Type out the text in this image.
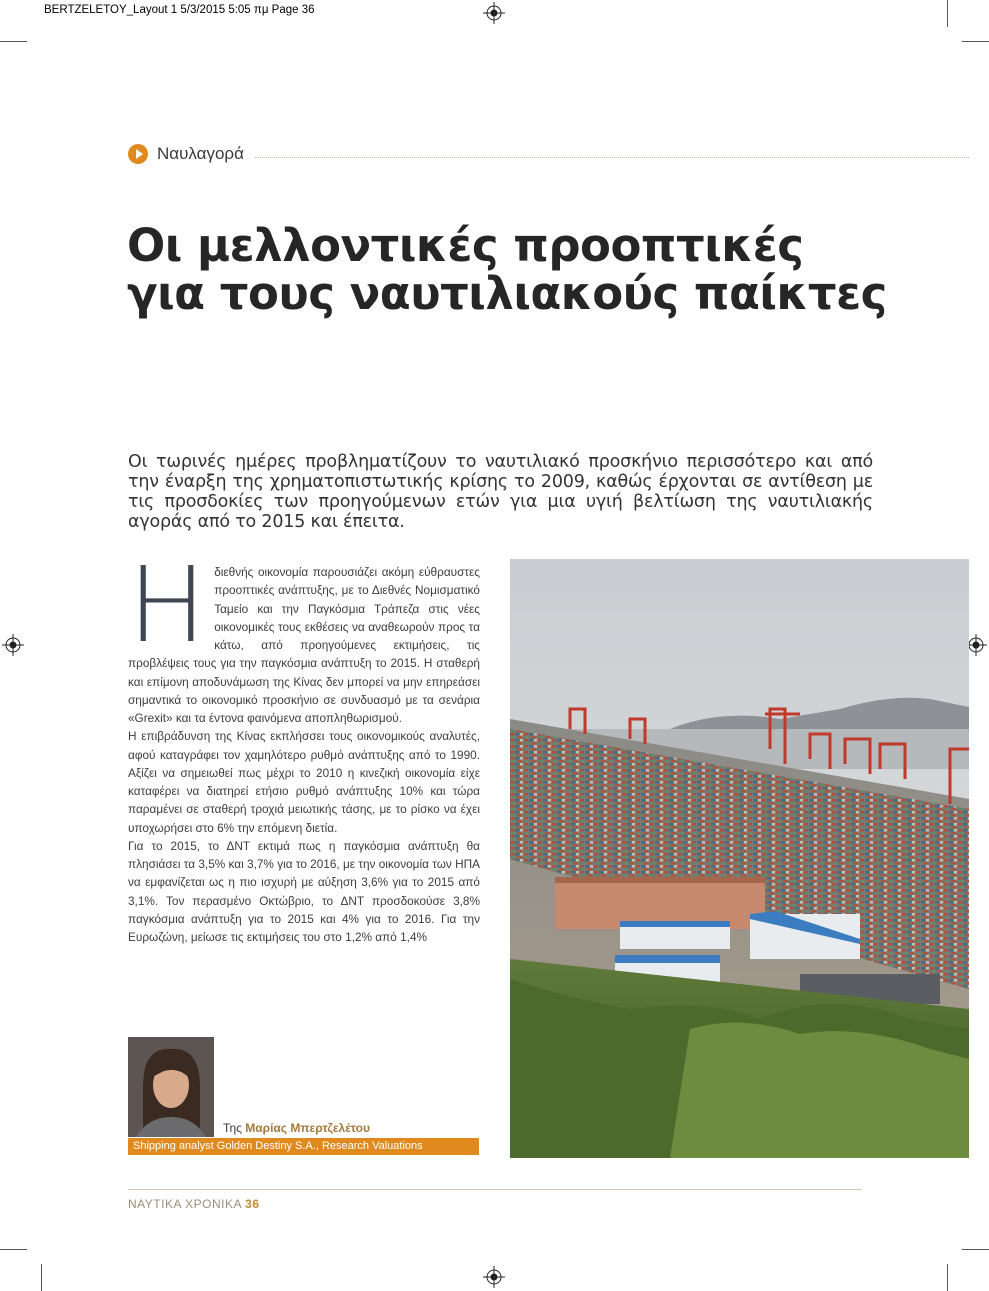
BERTZELETOY_Layout 1 5/3/2015 5:05 πμ Page 36
Ναυλαγορά
Οι μελλοντικές προοπτικές
για τους ναυτιλιακούς παίκτες
Οι τωρινές ημέρες προβληματίζουν το ναυτιλιακό προσκήνιο περισσότερο και από την έναρξη της χρηματοπιστωτικής κρίσης το 2009, καθώς έρχονται σε αντίθεση με τις προσδοκίες των προηγούμενων ετών για μια υγιή βελτίωση της ναυτιλιακής αγοράς από το 2015 και έπειτα.
Η διεθνής οικονομία παρουσιάζει ακόμη εύθραυστες προοπτικές ανάπτυξης, με το Διεθνές Νομισματικό Ταμείο και την Παγκόσμια Τράπεζα στις νέες οικονομικές τους εκθέσεις να αναθεωρούν προς τα κάτω, από προηγούμενες εκτιμήσεις, τις προβλέψεις τους για την παγκόσμια ανάπτυξη το 2015. Η σταθερή και επίμονη αποδυνάμωση της Κίνας δεν μπορεί να μην επηρεάσει σημαντικά το οικονομικό προσκήνιο σε συνδυασμό με τα σενάρια «Grexit» και τα έντονα φαινόμενα αποπληθωρισμού.

Η επιβράδυνση της Κίνας εκπλήσσει τους οικονομικούς αναλυτές, αφού καταγράφει τον χαμηλότερο ρυθμό ανάπτυξης από το 1990. Αξίζει να σημειωθεί πως μέχρι το 2010 η κινεζική οικονομία είχε καταφέρει να διατηρεί ετήσιο ρυθμό ανάπτυξης 10% και τώρα παραμένει σε σταθερή τροχιά μειωτικής τάσης, με το ρίσκο να έχει υποχωρήσει στο 6% την επόμενη διετία.

Για το 2015, το ΔΝΤ εκτιμά πως η παγκόσμια ανάπτυξη θα πλησιάσει τα 3,5% και 3,7% για το 2016, με την οικονομία των ΗΠΑ να εμφανίζεται ως η πιο ισχυρή με αύξηση 3,6% για το 2015 από 3,1%. Τον περασμένο Οκτώβριο, το ΔΝΤ προσδοκούσε 3,8% παγκόσμια ανάπτυξη για το 2015 και 4% για το 2016. Για την Ευρωζώνη, μείωσε τις εκτιμήσεις του στο 1,2% από 1,4%

Της Μαρίας Μπερτζελέτου
Shipping analyst Golden Destiny S.A., Research Valuations
ΝΑΥΤΙΚΑ ΧΡΟΝΙΚΑ 36
